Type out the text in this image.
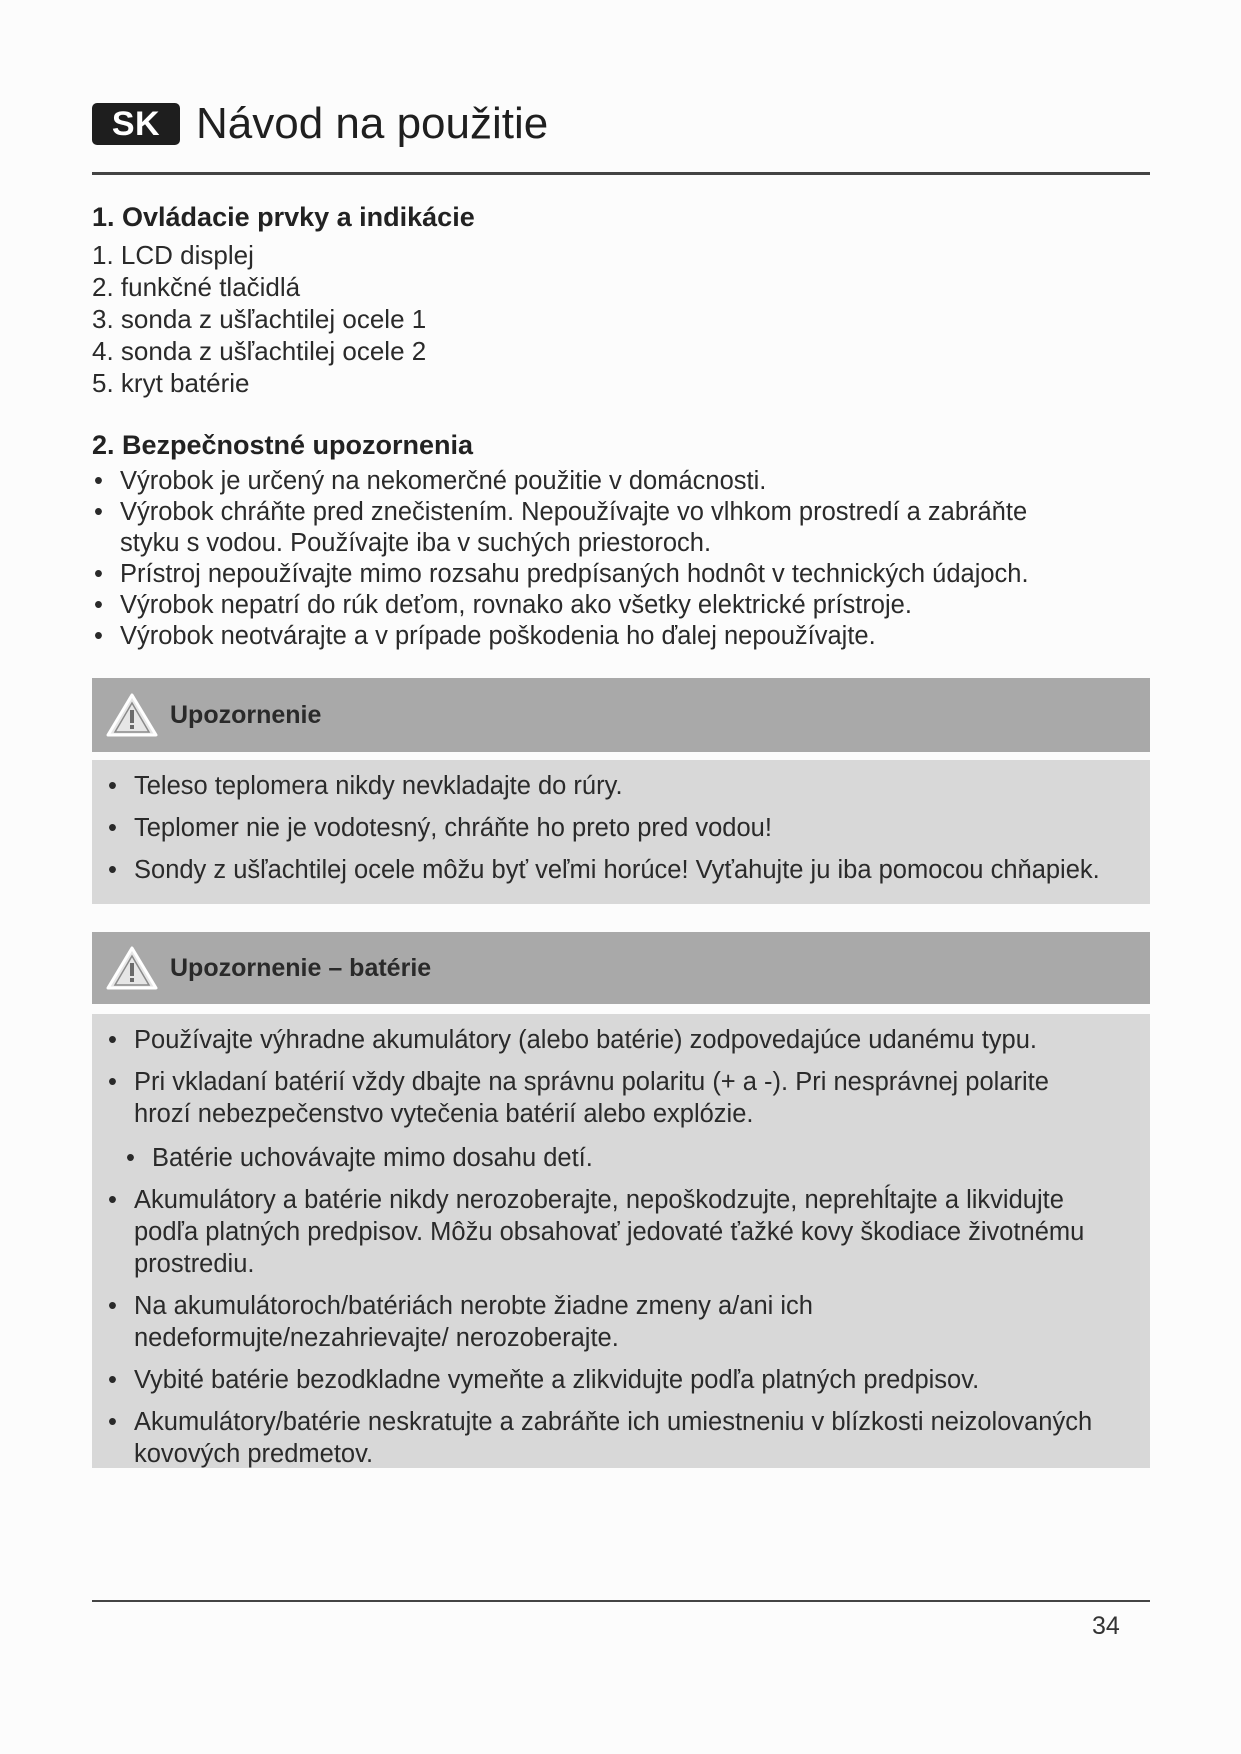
SK Návod na použitie
1. Ovládacie prvky a indikácie
1. LCD displej
2. funkčné tlačidlá
3. sonda z ušľachtilej ocele 1
4. sonda z ušľachtilej ocele 2
5. kryt batérie
2. Bezpečnostné upozornenia
• Výrobok je určený na nekomerčné použitie v domácnosti.
• Výrobok chráňte pred znečistením. Nepoužívajte vo vlhkom prostredí a zabráňte styku s vodou. Používajte iba v suchých priestoroch.
• Prístroj nepoužívajte mimo rozsahu predpísaných hodnôt v technických údajoch.
• Výrobok nepatrí do rúk deťom, rovnako ako všetky elektrické prístroje.
• Výrobok neotvárajte a v prípade poškodenia ho ďalej nepoužívajte.
Upozornenie
• Teleso teplomera nikdy nevkladajte do rúry.
• Teplomer nie je vodotesný, chráňte ho preto pred vodou!
• Sondy z ušľachtilej ocele môžu byť veľmi horúce! Vyťahujte ju iba pomocou chňapiek.
Upozornenie – batérie
• Používajte výhradne akumulátory (alebo batérie) zodpovedajúce udanému typu.
• Pri vkladaní batérií vždy dbajte na správnu polaritu (+ a -). Pri nesprávnej polarite hrozí nebezpečenstvo vytečenia batérií alebo explózie.
• Batérie uchovávajte mimo dosahu detí.
• Akumulátory a batérie nikdy nerozoberajte, nepoškodzujte, neprehĺtajte a likvidujte podľa platných predpisov. Môžu obsahovať jedovaté ťažké kovy škodiace životnému prostrediu.
• Na akumulátoroch/batériách nerobte žiadne zmeny a/ani ich nedeformujte/nezahrievajte/ nerozoberajte.
• Vybité batérie bezodkladne vymeňte a zlikvidujte podľa platných predpisov.
• Akumulátory/batérie neskratujte a zabráňte ich umiestneniu v blízkosti neizolovaných kovových predmetov.
34
